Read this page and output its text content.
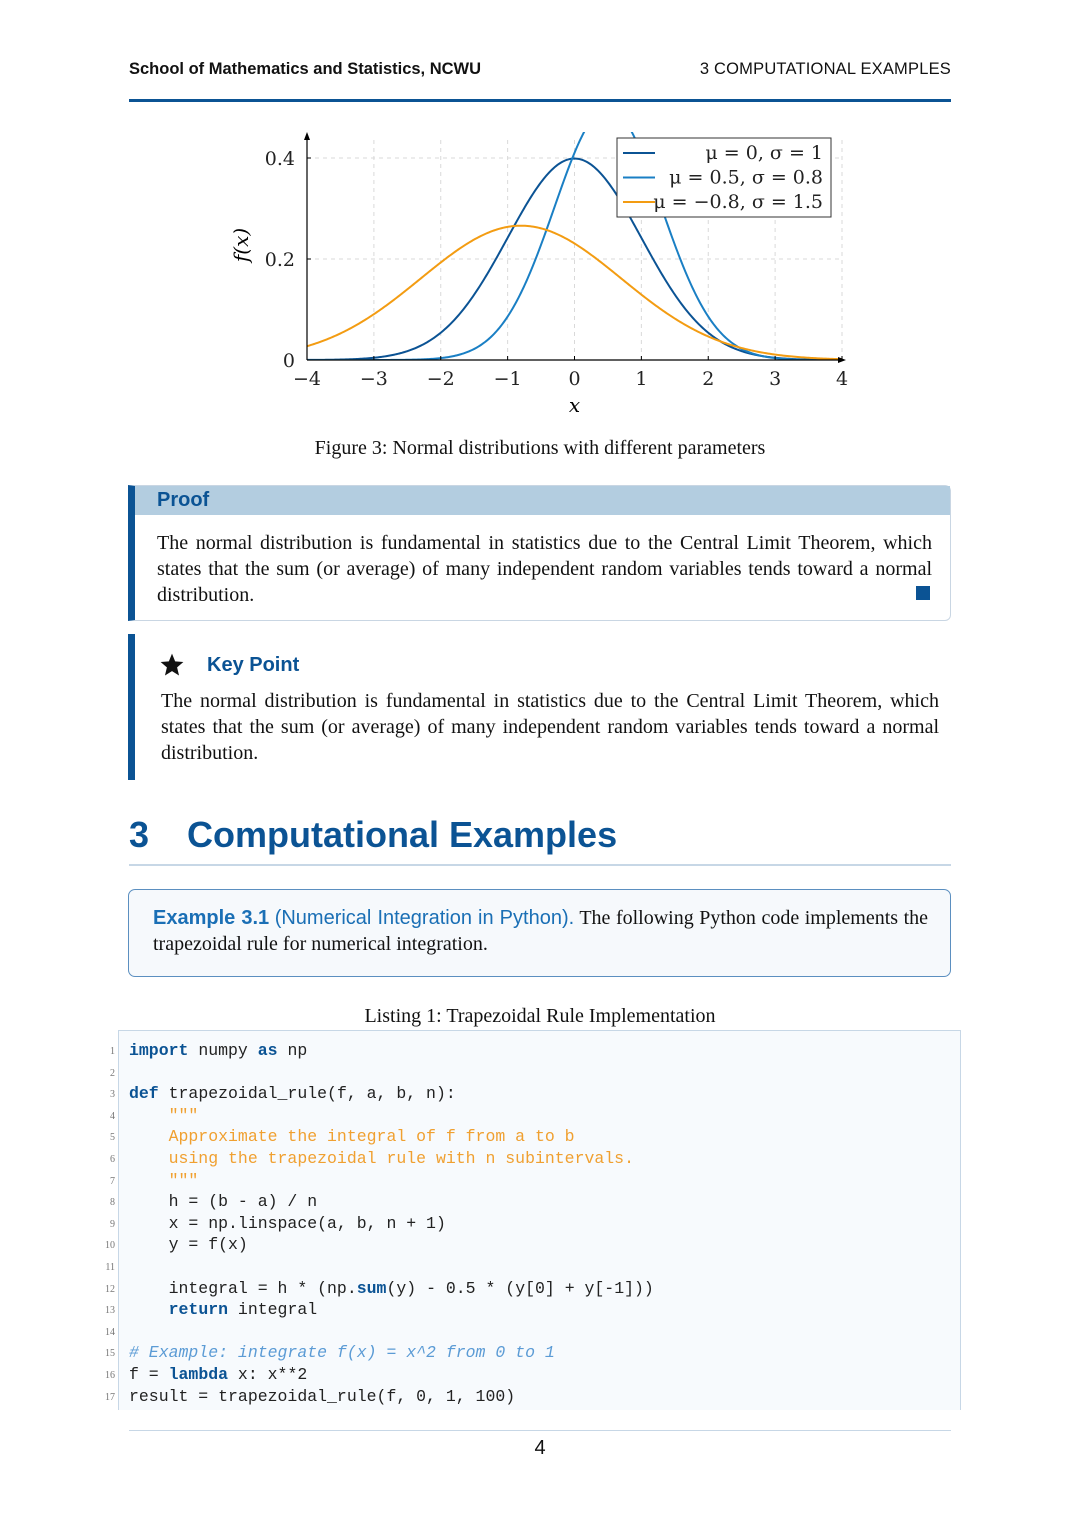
School of Mathematics and Statistics, NCWU	3 COMPUTATIONAL EXAMPLES
−4 −3 −2 −1 0	1	2	3	4
0
0.2
0.4
x
f(x)
μ = 0, σ = 1
μ = 0.5, σ = 0.8
μ = −0.8, σ = 1.5
Figure 3: Normal distributions with different parameters
Proof
The normal distribution is fundamental in statistics due to the Central Limit Theorem, which states that the sum (or average) of many independent random variables tends toward a normal distribution.
Key Point
The normal distribution is fundamental in statistics due to the Central Limit Theorem, which states that the sum (or average) of many independent random variables tends toward a normal distribution.
3 Computational Examples
Example 3.1 (Numerical Integration in Python). The following Python code implements the trapezoidal rule for numerical integration.
Listing 1: Trapezoidal Rule Implementation
1 import numpy as np
2
3 def trapezoidal_rule(f, a, b, n):
4 """
5 Approximate the integral of f from a to b
6 using the trapezoidal rule with n subintervals.
7 """
8 h = (b - a) / n
9 x = np.linspace(a, b, n + 1)
10 y = f(x)
11
12 integral = h * (np.sum(y) - 0.5 * (y[0] + y[-1]))
13	return integral
14
15 # Example: integrate f(x) = x^2 from 0 to 1
16 f = lambda x: x**2
17 result = trapezoidal_rule(f, 0, 1, 100)
4
